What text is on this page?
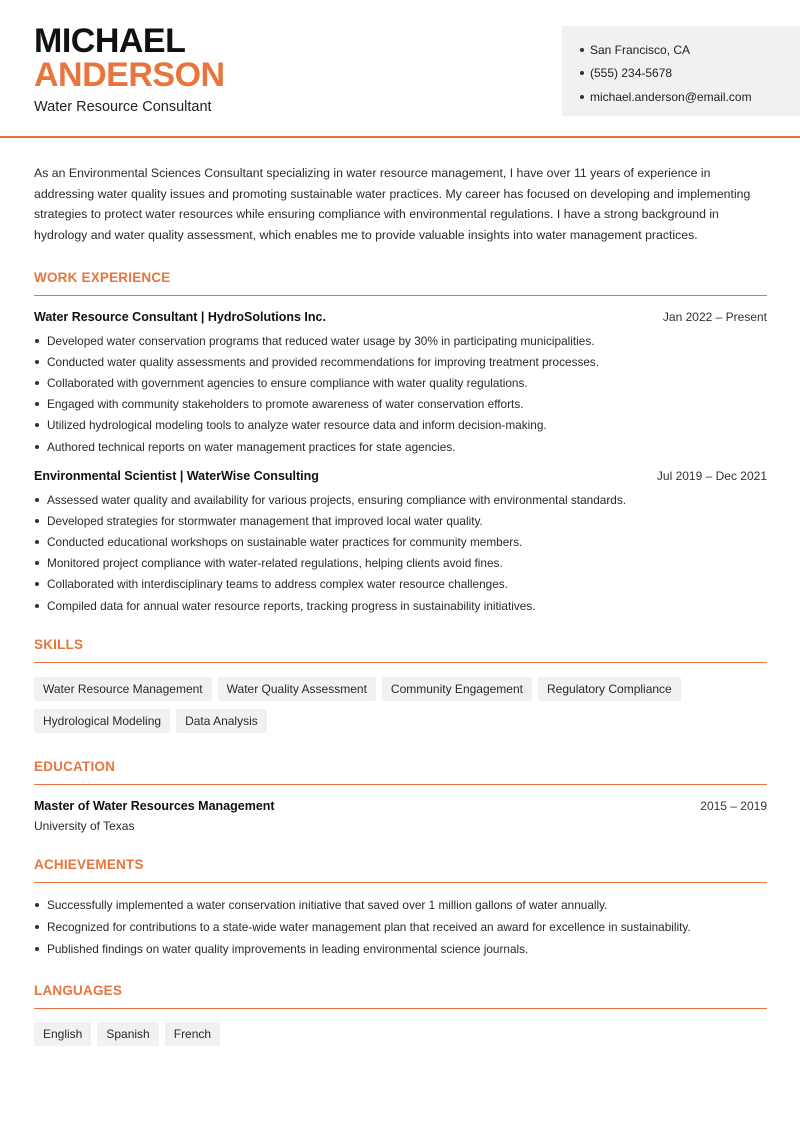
MICHAEL
ANDERSON
Water Resource Consultant
San Francisco, CA
(555) 234-5678
michael.anderson@email.com

As an Environmental Sciences Consultant specializing in water resource management, I have over 11 years of experience in addressing water quality issues and promoting sustainable water practices. My career has focused on developing and implementing strategies to protect water resources while ensuring compliance with environmental regulations. I have a strong background in hydrology and water quality assessment, which enables me to provide valuable insights into water management practices.

WORK EXPERIENCE
Water Resource Consultant | HydroSolutions Inc.	Jan 2022 – Present
Developed water conservation programs that reduced water usage by 30% in participating municipalities.
Conducted water quality assessments and provided recommendations for improving treatment processes.
Collaborated with government agencies to ensure compliance with water quality regulations.
Engaged with community stakeholders to promote awareness of water conservation efforts.
Utilized hydrological modeling tools to analyze water resource data and inform decision-making.
Authored technical reports on water management practices for state agencies.
Environmental Scientist | WaterWise Consulting	Jul 2019 – Dec 2021
Assessed water quality and availability for various projects, ensuring compliance with environmental standards.
Developed strategies for stormwater management that improved local water quality.
Conducted educational workshops on sustainable water practices for community members.
Monitored project compliance with water-related regulations, helping clients avoid fines.
Collaborated with interdisciplinary teams to address complex water resource challenges.
Compiled data for annual water resource reports, tracking progress in sustainability initiatives.
SKILLS
Water Resource Management	Water Quality Assessment	Community Engagement	Regulatory Compliance
Hydrological Modeling	Data Analysis
EDUCATION
Master of Water Resources Management	2015 – 2019
University of Texas
ACHIEVEMENTS
Successfully implemented a water conservation initiative that saved over 1 million gallons of water annually.
Recognized for contributions to a state-wide water management plan that received an award for excellence in sustainability.
Published findings on water quality improvements in leading environmental science journals.
LANGUAGES
English	Spanish	French
